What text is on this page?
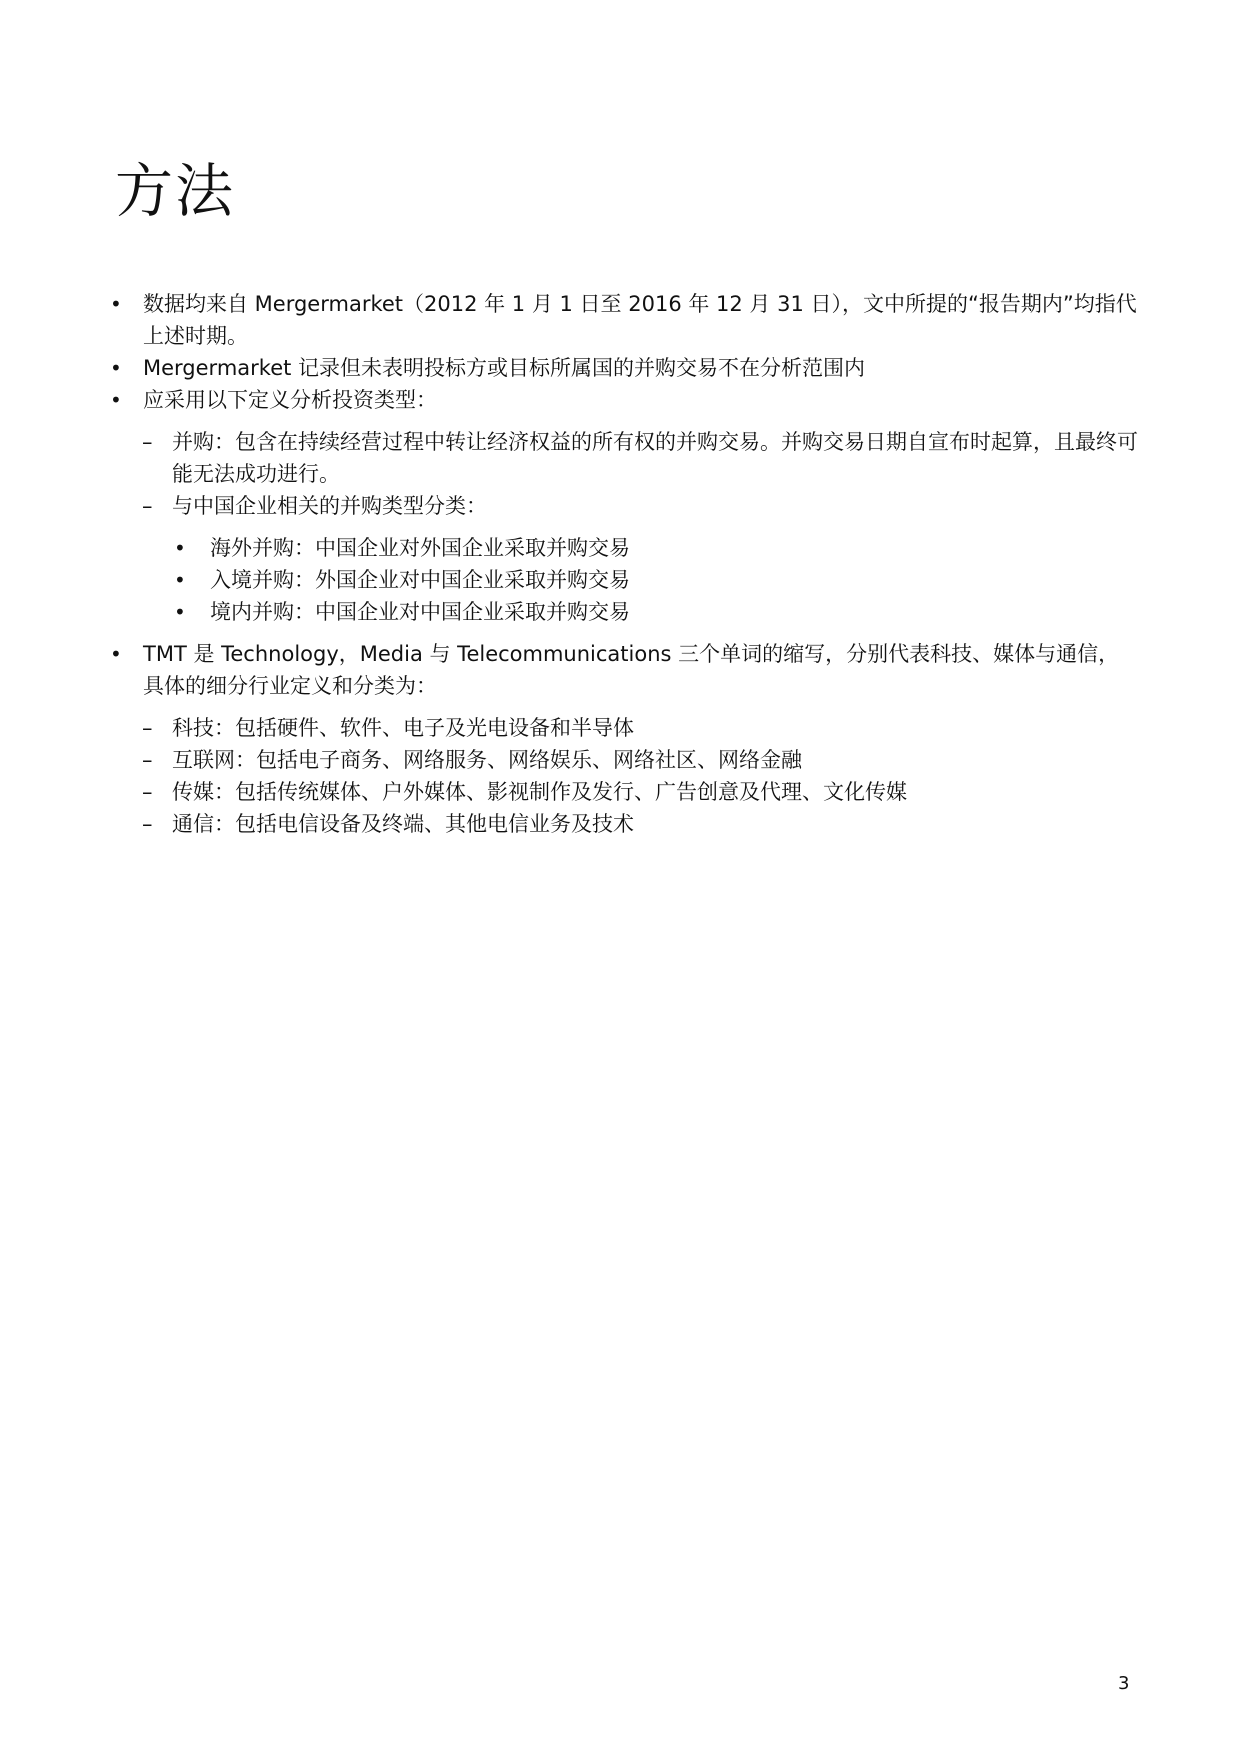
方法
• 数据均来自 Mergermarket（2012 年 1 月 1 日至 2016 年 12 月 31 日），文中所提的“报告期内”均指代上述时期。
• Mergermarket 记录但未表明投标方或目标所属国的并购交易不在分析范围内
• 应采用以下定义分析投资类型：
– 并购：包含在持续经营过程中转让经济权益的所有权的并购交易。并购交易日期自宣布时起算，且最终可能无法成功进行。
– 与中国企业相关的并购类型分类：
• 海外并购：中国企业对外国企业采取并购交易
• 入境并购：外国企业对中国企业采取并购交易
• 境内并购：中国企业对中国企业采取并购交易
• TMT 是 Technology，Media 与 Telecommunications 三个单词的缩写，分别代表科技、媒体与通信，具体的细分行业定义和分类为：
– 科技：包括硬件、软件、电子及光电设备和半导体
– 互联网：包括电子商务、网络服务、网络娱乐、网络社区、网络金融
– 传媒：包括传统媒体、户外媒体、影视制作及发行、广告创意及代理、文化传媒
– 通信：包括电信设备及终端、其他电信业务及技术
3
